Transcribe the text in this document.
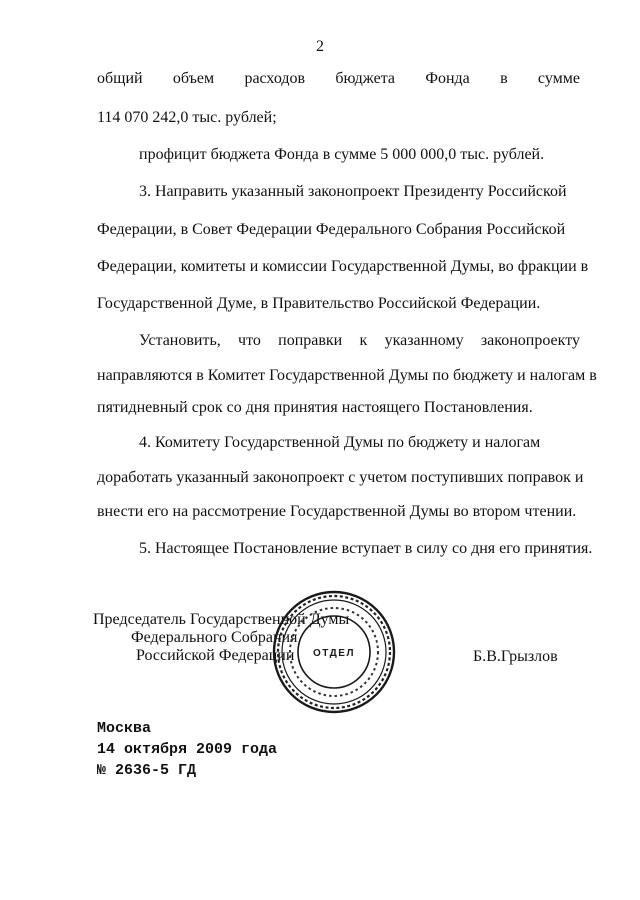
2
общий объем расходов бюджета Фонда в сумме
114 070 242,0 тыс. рублей;
профицит бюджета Фонда в сумме 5 000 000,0 тыс. рублей.
3. Направить указанный законопроект Президенту Российской
Федерации, в Совет Федерации Федерального Собрания Российской
Федерации, комитеты и комиссии Государственной Думы, во фракции в
Государственной Думе, в Правительство Российской Федерации.
Установить, что поправки к указанному законопроекту
направляются в Комитет Государственной Думы по бюджету и налогам в
пятидневный срок со дня принятия настоящего Постановления.
4. Комитету Государственной Думы по бюджету и налогам
доработать указанный законопроект с учетом поступивших поправок и
внести его на рассмотрение Государственной Думы во втором чтении.
5. Настоящее Постановление вступает в силу со дня его принятия.
Председатель Государственной Думы
Федерального Собрания
Российской Федерации	Б.В.Грызлов
ОТДЕЛ
Москва
14 октября 2009 года
№ 2636-5 ГД
